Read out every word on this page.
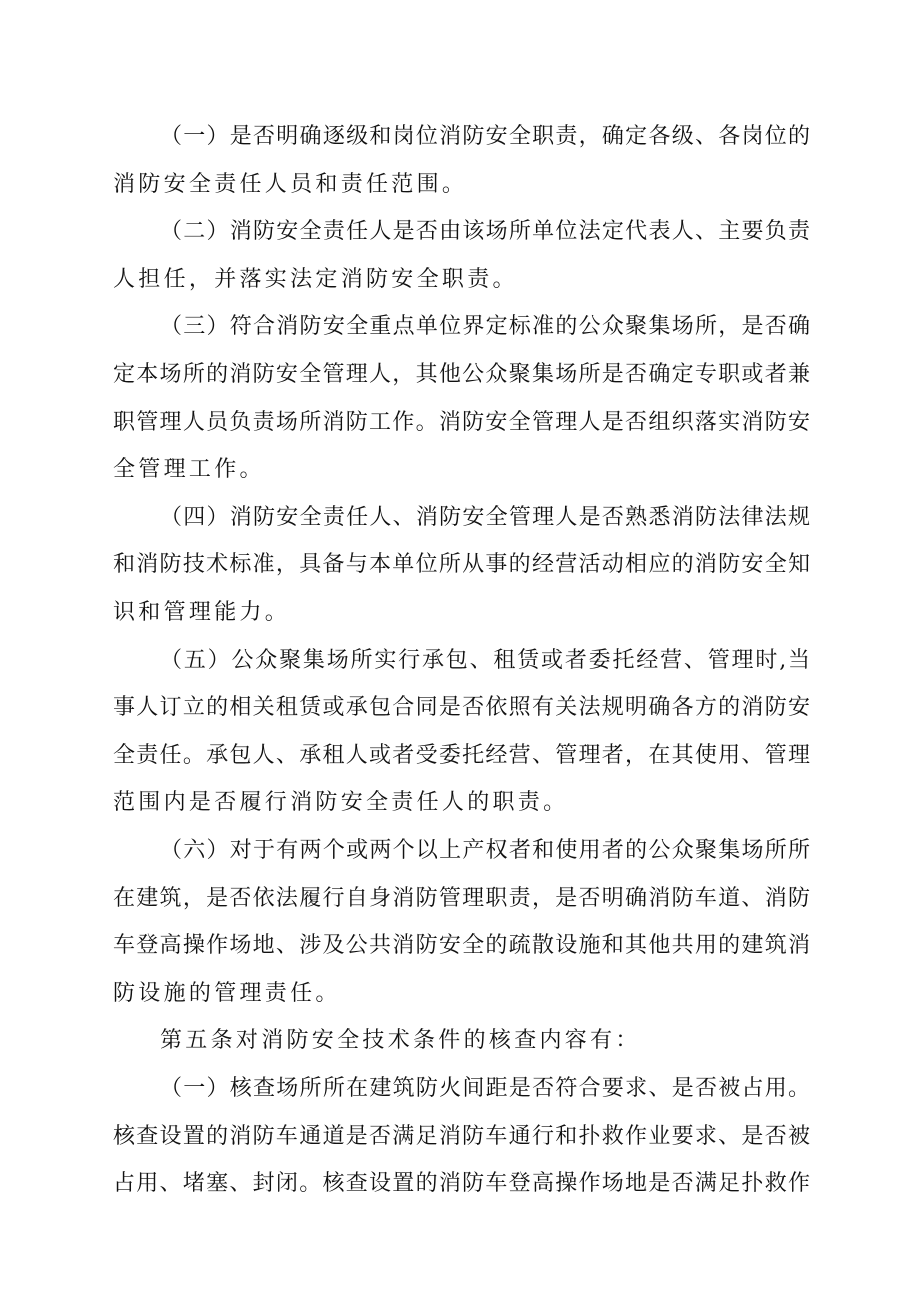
（一）是否明确逐级和岗位消防安全职责，确定各级、各岗位的
消防安全责任人员和责任范围。
（二）消防安全责任人是否由该场所单位法定代表人、主要负责
人担任，并落实法定消防安全职责。
（三）符合消防安全重点单位界定标准的公众聚集场所，是否确
定本场所的消防安全管理人，其他公众聚集场所是否确定专职或者兼
职管理人员负责场所消防工作。消防安全管理人是否组织落实消防安
全管理工作。
（四）消防安全责任人、消防安全管理人是否熟悉消防法律法规
和消防技术标准，具备与本单位所从事的经营活动相应的消防安全知
识和管理能力。
（五）公众聚集场所实行承包、租赁或者委托经营、管理时,当
事人订立的相关租赁或承包合同是否依照有关法规明确各方的消防安
全责任。承包人、承租人或者受委托经营、管理者，在其使用、管理
范围内是否履行消防安全责任人的职责。
（六）对于有两个或两个以上产权者和使用者的公众聚集场所所
在建筑，是否依法履行自身消防管理职责，是否明确消防车道、消防
车登高操作场地、涉及公共消防安全的疏散设施和其他共用的建筑消
防设施的管理责任。
第五条对消防安全技术条件的核查内容有：
（一）核查场所所在建筑防火间距是否符合要求、是否被占用。
核查设置的消防车通道是否满足消防车通行和扑救作业要求、是否被
占用、堵塞、封闭。核查设置的消防车登高操作场地是否满足扑救作
